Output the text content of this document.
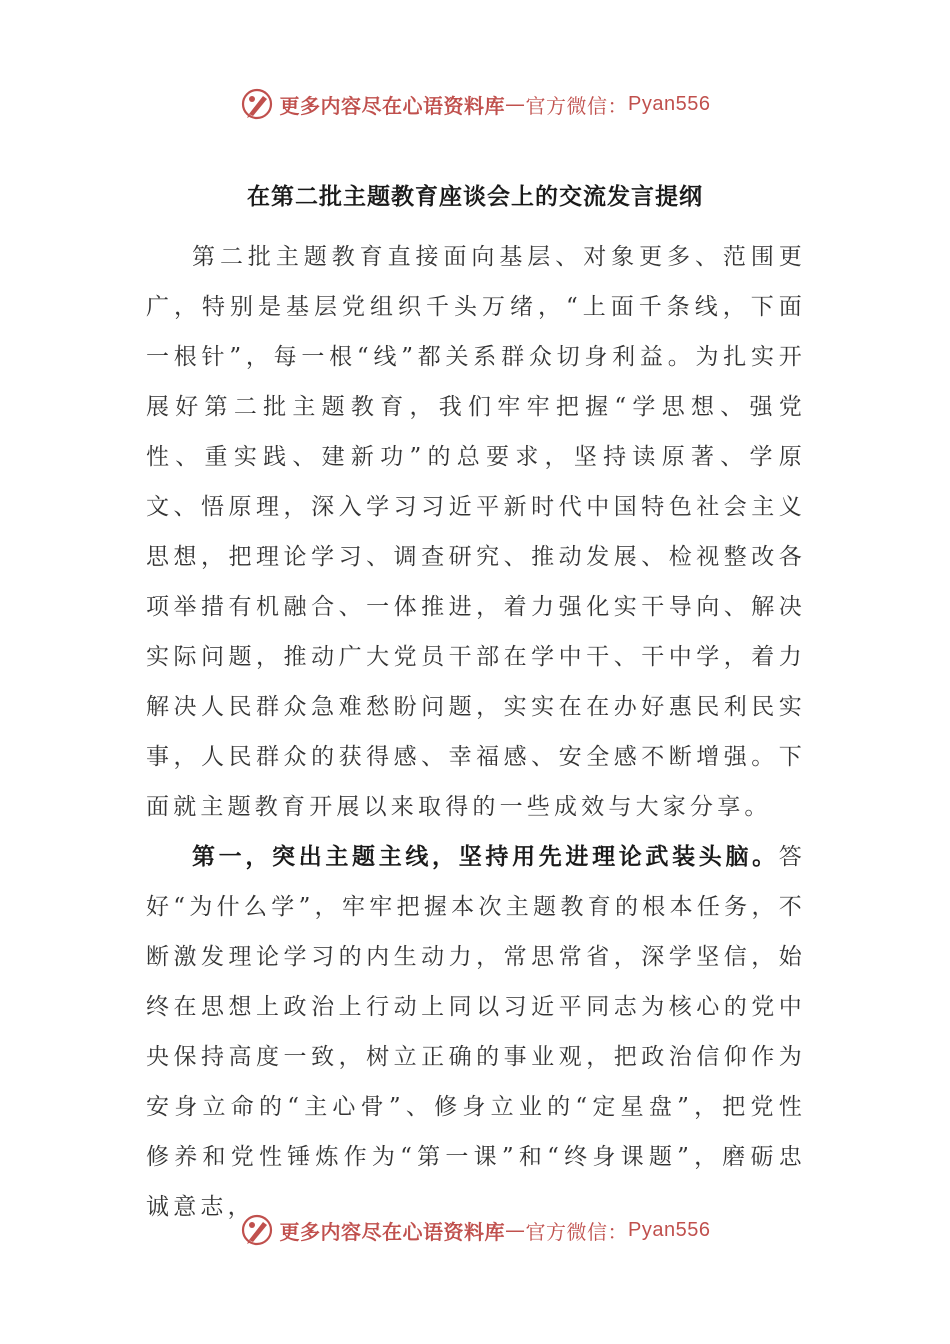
更多内容尽在心语资料库 — 官方微信： Pyan556
在第二批主题教育座谈会上的交流发言提纲

第二批主题教育直接面向基层、对象更多、范围更广，特别是基层党组织千头万绪，“上面千条线，下面一根针”，每一根“线”都关系群众切身利益。为扎实开展好第二批主题教育，我们牢牢把握“学思想、强党性、重实践、建新功”的总要求，坚持读原著、学原文、悟原理，深入学习习近平新时代中国特色社会主义思想，把理论学习、调查研究、推动发展、检视整改各项举措有机融合、一体推进，着力强化实干导向、解决实际问题，推动广大党员干部在学中干、干中学，着力解决人民群众急难愁盼问题，实实在在办好惠民利民实事，人民群众的获得感、幸福感、安全感不断增强。下面就主题教育开展以来取得的一些成效与大家分享。

第一，突出主题主线，坚持用先进理论武装头脑。答好“为什么学”，牢牢把握本次主题教育的根本任务，不断激发理论学习的内生动力，常思常省，深学坚信，始终在思想上政治上行动上同以习近平同志为核心的党中央保持高度一致，树立正确的事业观，把政治信仰作为安身立命的“主心骨”、修身立业的“定星盘”，把党性修养和党性锤炼作为“第一课”和“终身课题”，磨砺忠诚意志，

更多内容尽在心语资料库 — 官方微信： Pyan556
